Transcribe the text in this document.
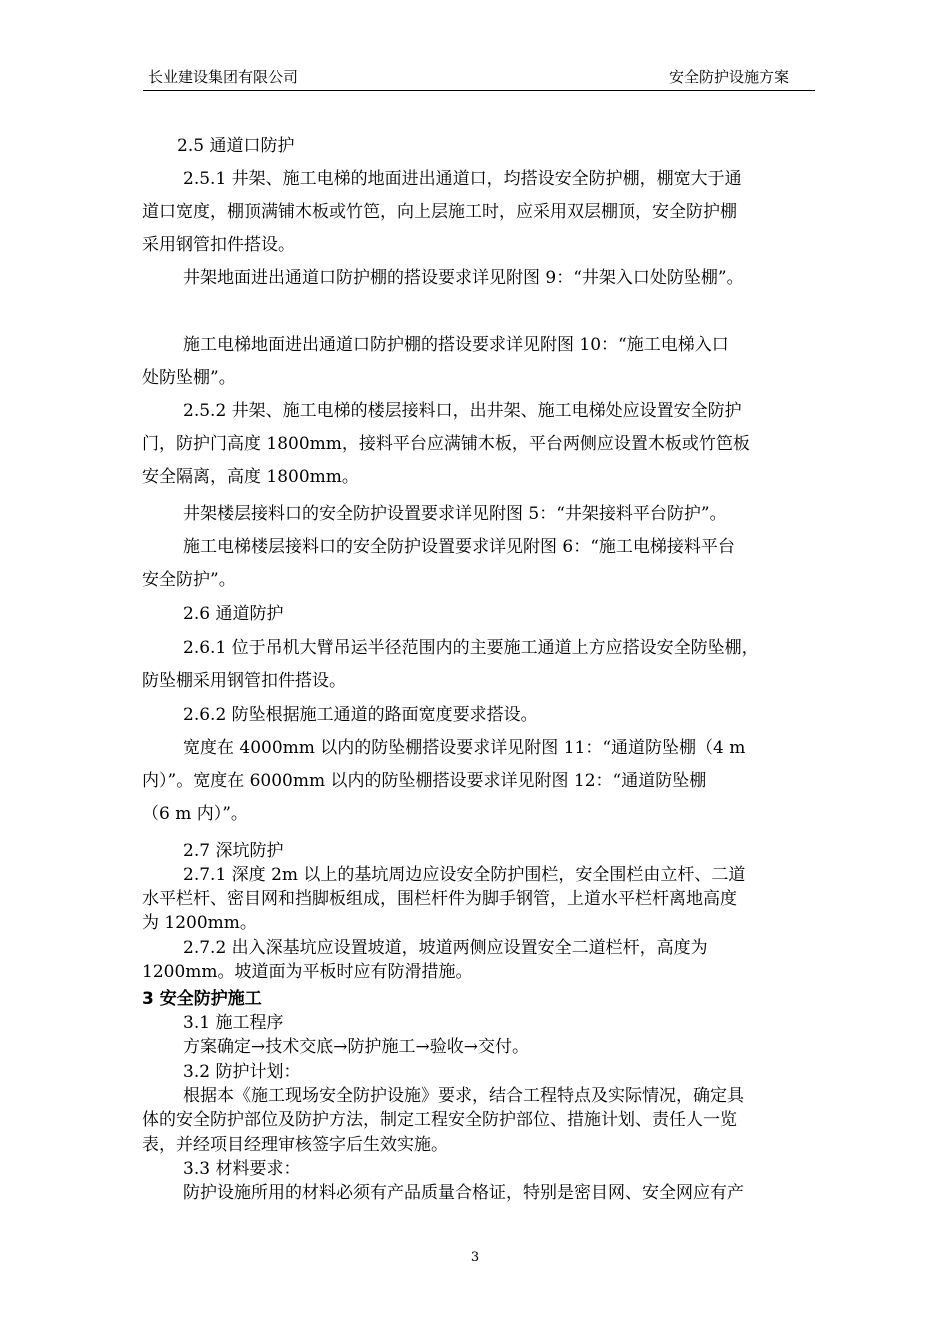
长业建设集团有限公司	安全防护设施方案
2.5 通道口防护
2.5.1 井架、施工电梯的地面进出通道口，均搭设安全防护棚，棚宽大于通
道口宽度，棚顶满铺木板或竹笆，向上层施工时，应采用双层棚顶，安全防护棚
采用钢管扣件搭设。
井架地面进出通道口防护棚的搭设要求详见附图 9：“井架入口处防坠棚”。
施工电梯地面进出通道口防护棚的搭设要求详见附图 10：“施工电梯入口
处防坠棚”。
2.5.2 井架、施工电梯的楼层接料口，出井架、施工电梯处应设置安全防护
门，防护门高度 1800mm，接料平台应满铺木板，平台两侧应设置木板或竹笆板
安全隔离，高度 1800mm。
井架楼层接料口的安全防护设置要求详见附图 5：“井架接料平台防护”。
施工电梯楼层接料口的安全防护设置要求详见附图 6：“施工电梯接料平台
安全防护”。
2.6 通道防护
2.6.1 位于吊机大臂吊运半径范围内的主要施工通道上方应搭设安全防坠棚，
防坠棚采用钢管扣件搭设。
2.6.2 防坠根据施工通道的路面宽度要求搭设。
宽度在 4000mm 以内的防坠棚搭设要求详见附图 11：“通道防坠棚（4 m
内）”。宽度在 6000mm 以内的防坠棚搭设要求详见附图 12：“通道防坠棚
（6 m 内）”。
2.7 深坑防护
2.7.1 深度 2m 以上的基坑周边应设安全防护围栏，安全围栏由立杆、二道
水平栏杆、密目网和挡脚板组成，围栏杆件为脚手钢管，上道水平栏杆离地高度
为 1200mm。
2.7.2 出入深基坑应设置坡道，坡道两侧应设置安全二道栏杆，高度为
1200mm。坡道面为平板时应有防滑措施。
3 安全防护施工
3.1 施工程序
方案确定→技术交底→防护施工→验收→交付。
3.2 防护计划：
根据本《施工现场安全防护设施》要求，结合工程特点及实际情况，确定具
体的安全防护部位及防护方法，制定工程安全防护部位、措施计划、责任人一览
表，并经项目经理审核签字后生效实施。
3.3 材料要求：
防护设施所用的材料必须有产品质量合格证，特别是密目网、安全网应有产
3
